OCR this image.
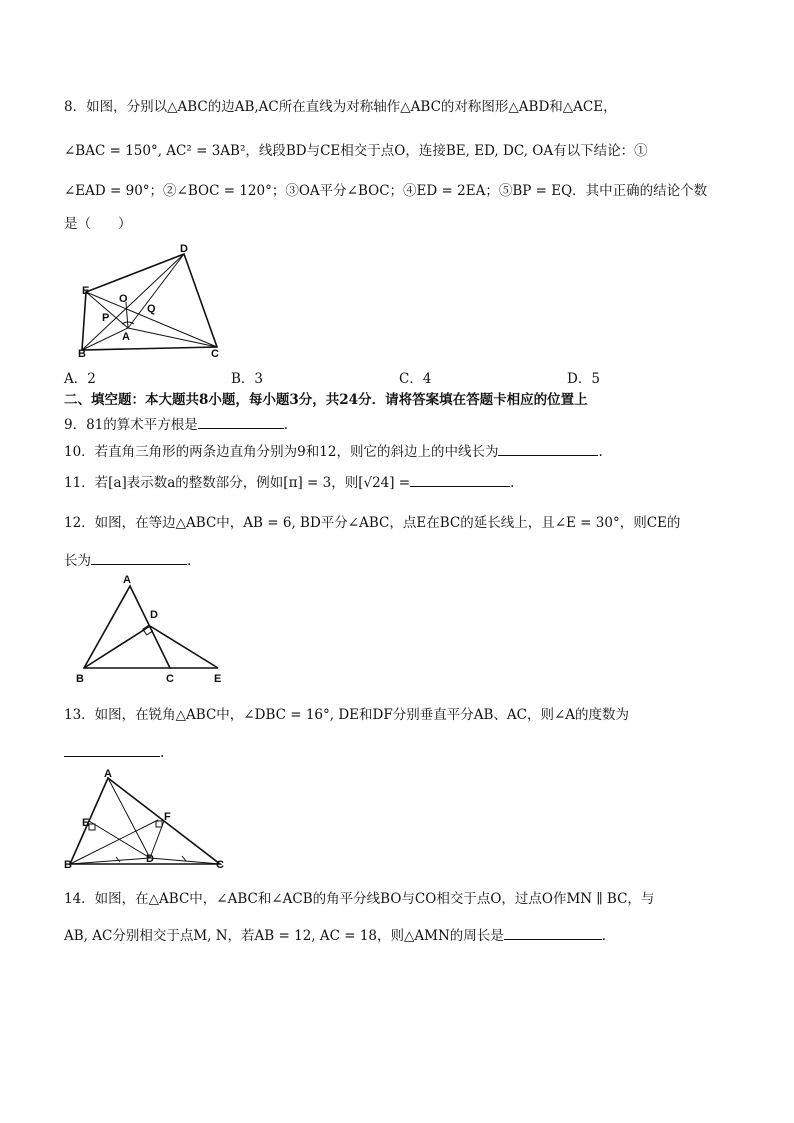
8．如图，分别以△ABC的边AB,AC所在直线为对称轴作△ABC的对称图形△ABD和△ACE，
∠BAC = 150°, AC² = 3AB²，线段BD与CE相交于点O，连接BE, ED, DC, OA有以下结论：①
∠EAD = 90°；②∠BOC = 120°；③OA平分∠BOC；④ED = 2EA；⑤BP = EQ．其中正确的结论个数
是（　　）
D
E
O
P
Q
A
B	C
A．2	B．3	C．4	D．5
二、填空题：本大题共8小题，每小题3分，共24分．请将答案填在答题卡相应的位置上
9．81的算术平方根是	.
10．若直角三角形的两条边直角分别为9和12，则它的斜边上的中线长为	.
11．若[a]表示数a的整数部分，例如[π] = 3，则[√24] =	.
12．如图，在等边△ABC中，AB = 6, BD平分∠ABC，点E在BC的延长线上，且∠E = 30°，则CE的
长为	.
A
D
B	C	E
13．如图，在锐角△ABC中，∠DBC = 16°, DE和DF分别垂直平分AB、AC，则∠A的度数为
.
A
E	F
B	D	C
14．如图，在△ABC中，∠ABC和∠ACB的角平分线BO与CO相交于点O，过点O作MN ∥ BC，与
AB, AC分别相交于点M, N，若AB = 12, AC = 18，则△AMN的周长是	.
